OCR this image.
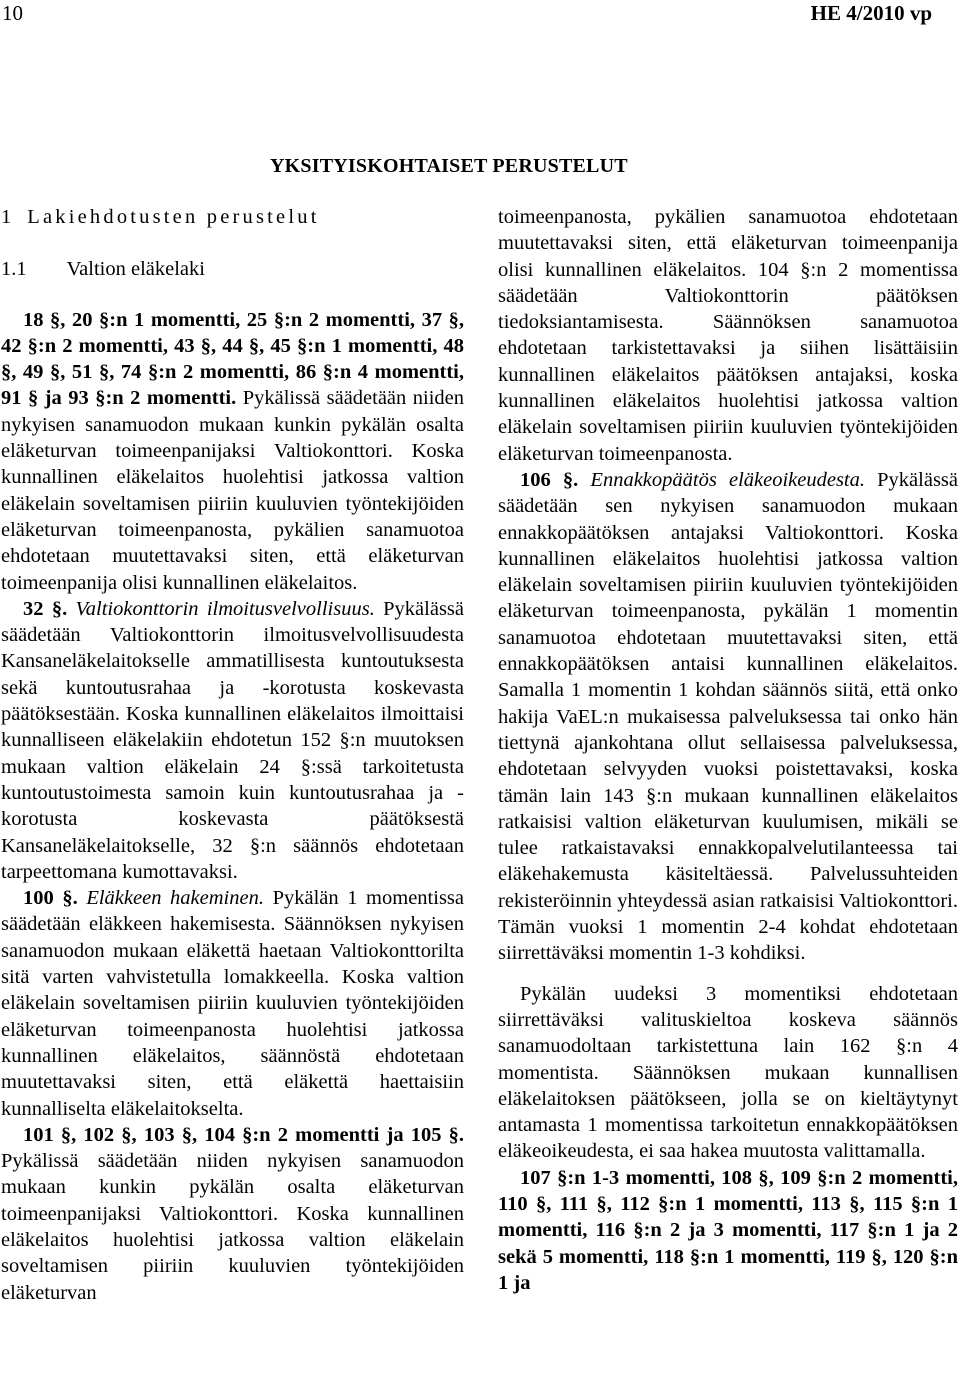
10	HE 4/2010 vp
YKSITYISKOHTAISET PERUSTELUT

1 Lakiehdotusten perustelut

1.1 Valtion eläkelaki

18 §, 20 §:n 1 momentti, 25 §:n 2 momentti, 37 §, 42 §:n 2 momentti, 43 §, 44 §, 45 §:n 1 momentti, 48 §, 49 §, 51 §, 74 §:n 2 momentti, 86 §:n 4 momentti, 91 § ja 93 §:n 2 momentti. Pykälissä säädetään niiden nykyisen sanamuodon mukaan kunkin pykälän osalta eläketurvan toimeenpanijaksi Valtiokonttori. Koska kunnallinen eläkelaitos huolehtisi jatkossa valtion eläkelain soveltamisen piiriin kuuluvien työntekijöiden eläketurvan toimeenpanosta, pykälien sanamuotoa ehdotetaan muutettavaksi siten, että eläketurvan toimeenpanija olisi kunnallinen eläkelaitos.

32 §. Valtiokonttorin ilmoitusvelvollisuus. Pykälässä säädetään Valtiokonttorin ilmoitusvelvollisuudesta Kansaneläkelaitokselle ammatillisesta kuntoutuksesta sekä kuntoutusrahaa ja -korotusta koskevasta päätöksestään. Koska kunnallinen eläkelaitos ilmoittaisi kunnalliseen eläkelakiin ehdotetun 152 §:n muutoksen mukaan valtion eläkelain 24 §:ssä tarkoitetusta kuntoutustoimesta samoin kuin kuntoutusrahaa ja -korotusta koskevasta päätöksestä Kansaneläkelaitokselle, 32 §:n säännös ehdotetaan tarpeettomana kumottavaksi.

100 §. Eläkkeen hakeminen. Pykälän 1 momentissa säädetään eläkkeen hakemisesta. Säännöksen nykyisen sanamuodon mukaan eläkettä haetaan Valtiokonttorilta sitä varten vahvistetulla lomakkeella. Koska valtion eläkelain soveltamisen piiriin kuuluvien työntekijöiden eläketurvan toimeenpanosta huolehtisi jatkossa kunnallinen eläkelaitos, säännöstä ehdotetaan muutettavaksi siten, että eläkettä haettaisiin kunnalliselta eläkelaitokselta.

101 §, 102 §, 103 §, 104 §:n 2 momentti ja 105 §. Pykälissä säädetään niiden nykyisen sanamuodon mukaan kunkin pykälän osalta eläketurvan toimeenpanijaksi Valtiokonttori. Koska kunnallinen eläkelaitos huolehtisi jatkossa valtion eläkelain soveltamisen piiriin kuuluvien työntekijöiden eläketurvan

toimeenpanosta, pykälien sanamuotoa ehdotetaan muutettavaksi siten, että eläketurvan toimeenpanija olisi kunnallinen eläkelaitos. 104 §:n 2 momentissa säädetään Valtiokonttorin päätöksen tiedoksiantamisesta. Säännöksen sanamuotoa ehdotetaan tarkistettavaksi ja siihen lisättäisiin kunnallinen eläkelaitos päätöksen antajaksi, koska kunnallinen eläkelaitos huolehtisi jatkossa valtion eläkelain soveltamisen piiriin kuuluvien työntekijöiden eläketurvan toimeenpanosta.

106 §. Ennakkopäätös eläkeoikeudesta. Pykälässä säädetään sen nykyisen sanamuodon mukaan ennakkopäätöksen antajaksi Valtiokonttori. Koska kunnallinen eläkelaitos huolehtisi jatkossa valtion eläkelain soveltamisen piiriin kuuluvien työntekijöiden eläketurvan toimeenpanosta, pykälän 1 momentin sanamuotoa ehdotetaan muutettavaksi siten, että ennakkopäätöksen antaisi kunnallinen eläkelaitos. Samalla 1 momentin 1 kohdan säännös siitä, että onko hakija VaEL:n mukaisessa palveluksessa tai onko hän tiettynä ajankohtana ollut sellaisessa palveluksessa, ehdotetaan selvyyden vuoksi poistettavaksi, koska tämän lain 143 §:n mukaan kunnallinen eläkelaitos ratkaisisi valtion eläketurvan kuulumisen, mikäli se tulee ratkaistavaksi ennakkopalvelutilanteessa tai eläkehakemusta käsiteltäessä. Palvelussuhteiden rekisteröinnin yhteydessä asian ratkaisisi Valtiokonttori. Tämän vuoksi 1 momentin 2-4 kohdat ehdotetaan siirrettäväksi momentin 1-3 kohdiksi.

Pykälän uudeksi 3 momentiksi ehdotetaan siirrettäväksi valituskieltoa koskeva säännös sanamuodoltaan tarkistettuna lain 162 §:n 4 momentista. Säännöksen mukaan kunnallisen eläkelaitoksen päätökseen, jolla se on kieltäytynyt antamasta 1 momentissa tarkoitetun ennakkopäätöksen eläkeoikeudesta, ei saa hakea muutosta valittamalla.

107 §:n 1-3 momentti, 108 §, 109 §:n 2 momentti, 110 §, 111 §, 112 §:n 1 momentti, 113 §, 115 §:n 1 momentti, 116 §:n 2 ja 3 momentti, 117 §:n 1 ja 2 sekä 5 momentti, 118 §:n 1 momentti, 119 §, 120 §:n 1 ja
